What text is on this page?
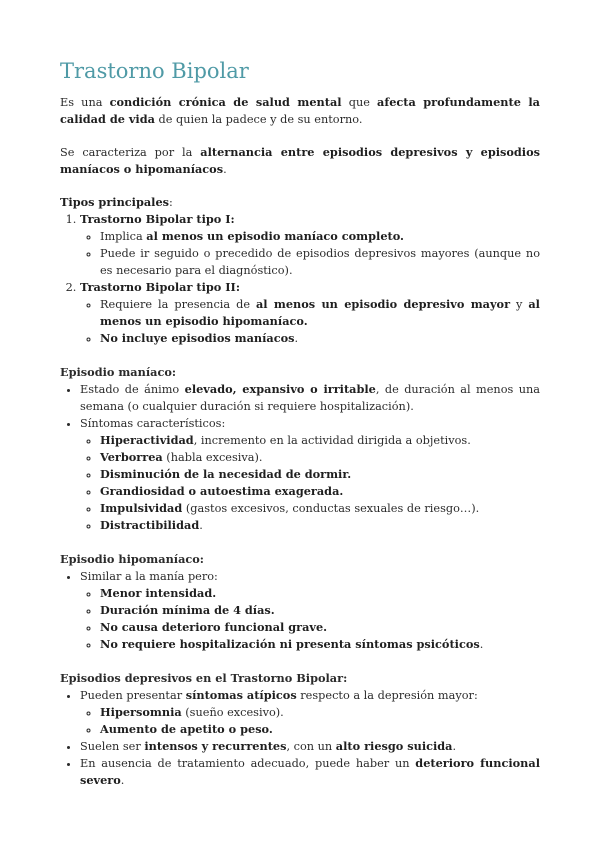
Trastorno Bipolar

Es una condición crónica de salud mental que afecta profundamente la calidad de vida de quien la padece y de su entorno.

Se caracteriza por la alternancia entre episodios depresivos y episodios maníacos o hipomaníacos.

Tipos principales:

1. Trastorno Bipolar tipo I:
◦ Implica al menos un episodio maníaco completo.
◦ Puede ir seguido o precedido de episodios depresivos mayores (aunque no es necesario para el diagnóstico).
2. Trastorno Bipolar tipo II:
◦ Requiere la presencia de al menos un episodio depresivo mayor y al menos un episodio hipomaníaco.
◦ No incluye episodios maníacos.

Episodio maníaco:

• Estado de ánimo elevado, expansivo o irritable, de duración al menos una semana (o cualquier duración si requiere hospitalización).
• Síntomas característicos:
◦ Hiperactividad, incremento en la actividad dirigida a objetivos.
◦ Verborrea (habla excesiva).
◦ Disminución de la necesidad de dormir.
◦ Grandiosidad o autoestima exagerada.
◦ Impulsividad (gastos excesivos, conductas sexuales de riesgo…).
◦ Distractibilidad.

Episodio hipomaníaco:

• Similar a la manía pero:
◦ Menor intensidad.
◦ Duración mínima de 4 días.
◦ No causa deterioro funcional grave.
◦ No requiere hospitalización ni presenta síntomas psicóticos.

Episodios depresivos en el Trastorno Bipolar:

• Pueden presentar síntomas atípicos respecto a la depresión mayor:
◦ Hipersomnia (sueño excesivo).
◦ Aumento de apetito o peso.
• Suelen ser intensos y recurrentes, con un alto riesgo suicida.
• En ausencia de tratamiento adecuado, puede haber un deterioro funcional severo.
